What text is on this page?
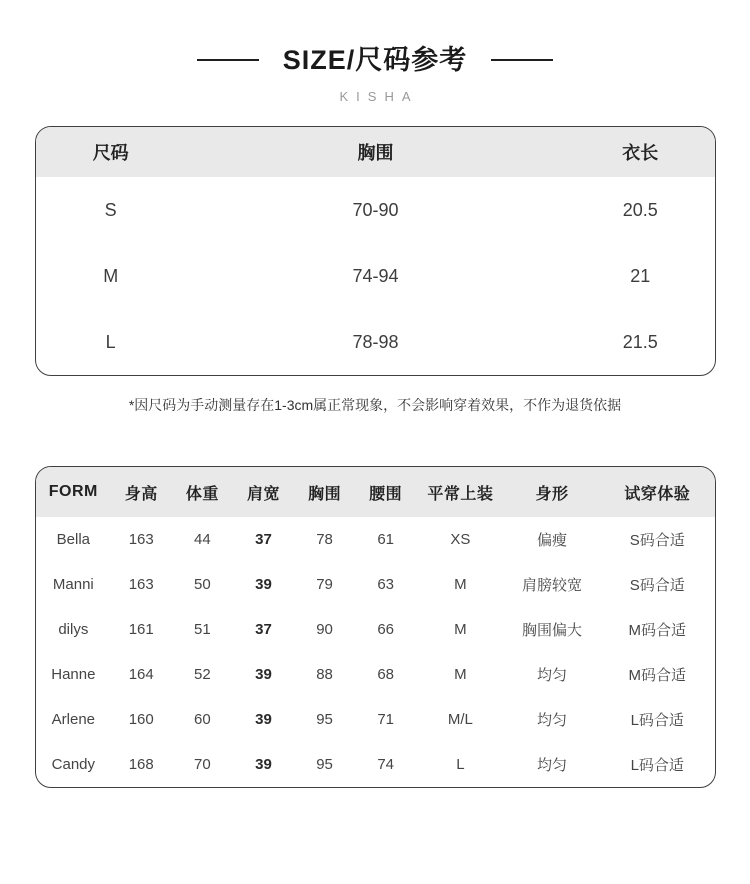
SIZE/尺码参考
KISHA
尺码	胸围	衣长
S	70-90	20.5
M	74-94	21
L	78-98	21.5

*因尺码为手动测量存在1-3cm属正常现象，不会影响穿着效果，不作为退货依据

FORM	身高	体重	肩宽	胸围	腰围	平常上装	身形	试穿体验
Bella	163	44	37	78	61	XS	偏瘦	S码合适
Manni	163	50	39	79	63	M	肩膀较宽	S码合适
dilys	161	51	37	90	66	M	胸围偏大	M码合适
Hanne	164	52	39	88	68	M	均匀	M码合适
Arlene	160	60	39	95	71	M/L	均匀	L码合适
Candy	168	70	39	95	74	L	均匀	L码合适
